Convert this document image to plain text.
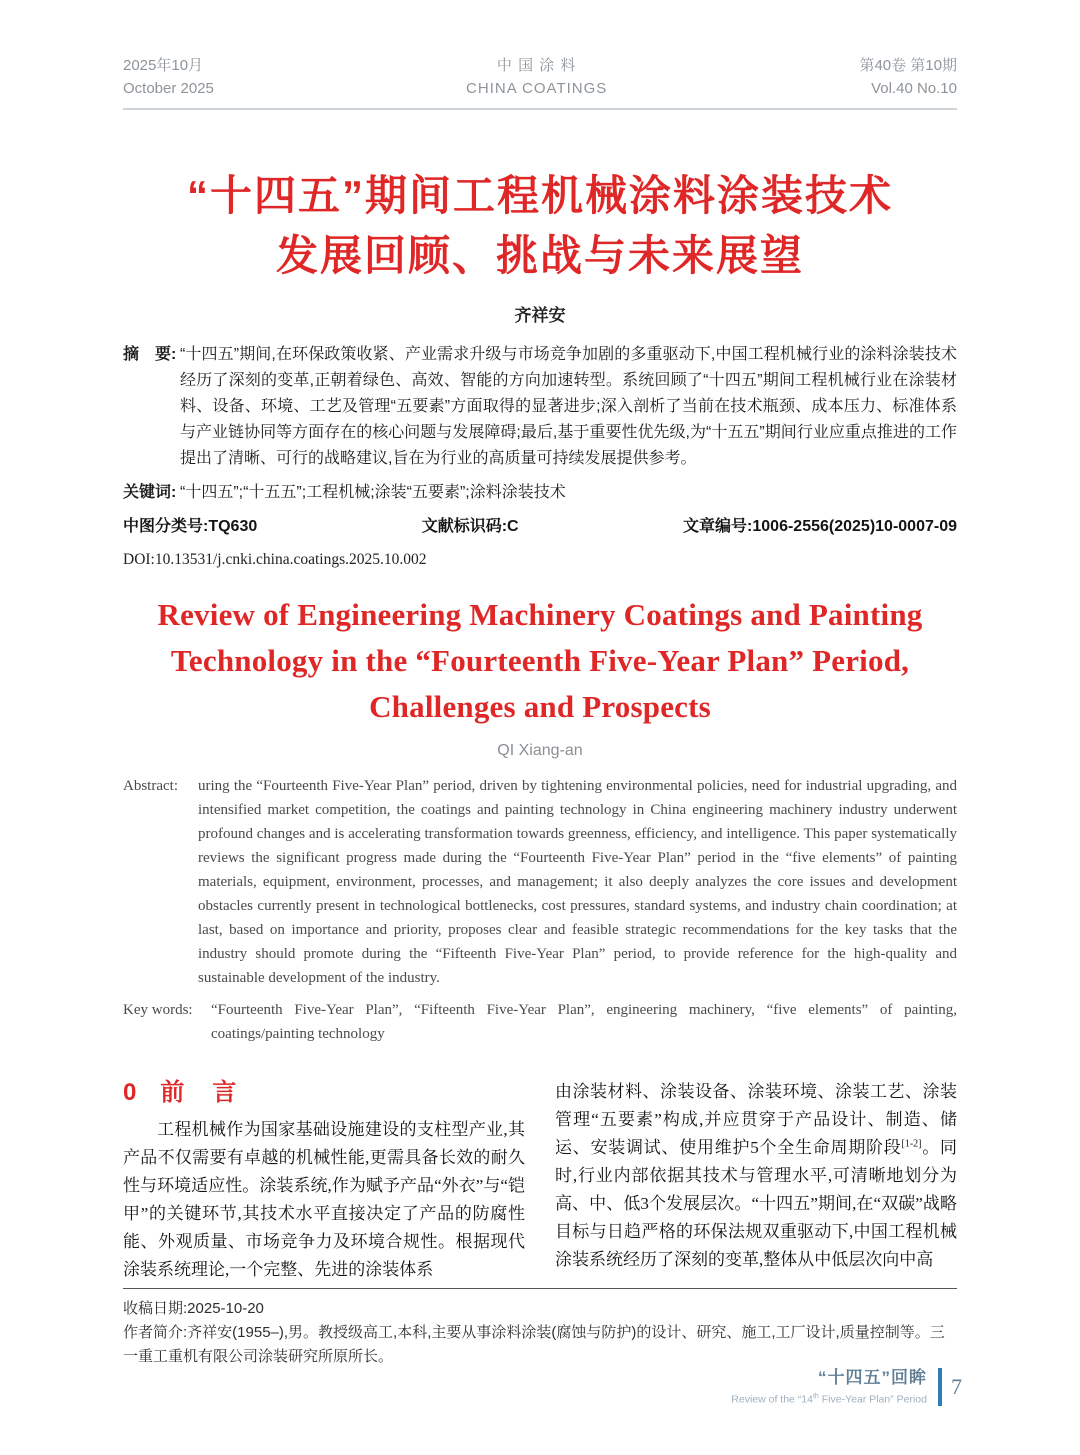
2025年10月
October 2025
中 国 涂 料
CHINA COATINGS
第40卷 第10期
Vol.40 No.10
“十四五”期间工程机械涂料涂装技术
发展回顾、挑战与未来展望
齐祥安
摘　要: “十四五”期间,在环保政策收紧、产业需求升级与市场竞争加剧的多重驱动下,中国工程机械行业的涂料涂装技术经历了深刻的变革,正朝着绿色、高效、智能的方向加速转型。系统回顾了“十四五”期间工程机械行业在涂装材料、设备、环境、工艺及管理“五要素”方面取得的显著进步;深入剖析了当前在技术瓶颈、成本压力、标准体系与产业链协同等方面存在的核心问题与发展障碍;最后,基于重要性优先级,为“十五五”期间行业应重点推进的工作提出了清晰、可行的战略建议,旨在为行业的高质量可持续发展提供参考。
关键词: “十四五”;“十五五”;工程机械;涂装“五要素”;涂料涂装技术
中图分类号:TQ630	文献标识码:C	文章编号:1006-2556(2025)10-0007-09
DOI:10.13531/j.cnki.china.coatings.2025.10.002
Review of Engineering Machinery Coatings and Painting
Technology in the “Fourteenth Five-Year Plan” Period,
Challenges and Prospects
QI Xiang-an
Abstract: uring the “Fourteenth Five-Year Plan” period, driven by tightening environmental policies, need for industrial upgrading, and intensified market competition, the coatings and painting technology in China engineering machinery industry underwent profound changes and is accelerating transformation towards greenness, efficiency, and intelligence. This paper systematically reviews the significant progress made during the “Fourteenth Five-Year Plan” period in the “five elements” of painting materials, equipment, environment, processes, and management; it also deeply analyzes the core issues and development obstacles currently present in technological bottlenecks, cost pressures, standard systems, and industry chain coordination; at last, based on importance and priority, proposes clear and feasible strategic recommendations for the key tasks that the industry should promote during the “Fifteenth Five-Year Plan” period, to provide reference for the high-quality and sustainable development of the industry.
Key words: “Fourteenth Five-Year Plan”, “Fifteenth Five-Year Plan”, engineering machinery, “five elements” of painting, coatings/painting technology
0 前　言

工程机械作为国家基础设施建设的支柱型产业,其产品不仅需要有卓越的机械性能,更需具备长效的耐久性与环境适应性。涂装系统,作为赋予产品“外衣”与“铠甲”的关键环节,其技术水平直接决定了产品的防腐性能、外观质量、市场竞争力及环境合规性。根据现代涂装系统理论,一个完整、先进的涂装体系

由涂装材料、涂装设备、涂装环境、涂装工艺、涂装管理“五要素”构成,并应贯穿于产品设计、制造、储运、安装调试、使用维护5个全生命周期阶段[1-2]。同时,行业内部依据其技术与管理水平,可清晰地划分为高、中、低3个发展层次。“十四五”期间,在“双碳”战略目标与日趋严格的环保法规双重驱动下,中国工程机械涂装系统经历了深刻的变革,整体从中低层次向中高

收稿日期:2025-10-20
作者简介:齐祥安(1955–),男。教授级高工,本科,主要从事涂料涂装(腐蚀与防护)的设计、研究、施工,工厂设计,质量控制等。三一重工重机有限公司涂装研究所原所长。
“十四五”回眸
Review of the “14th Five-Year Plan” Period
7
